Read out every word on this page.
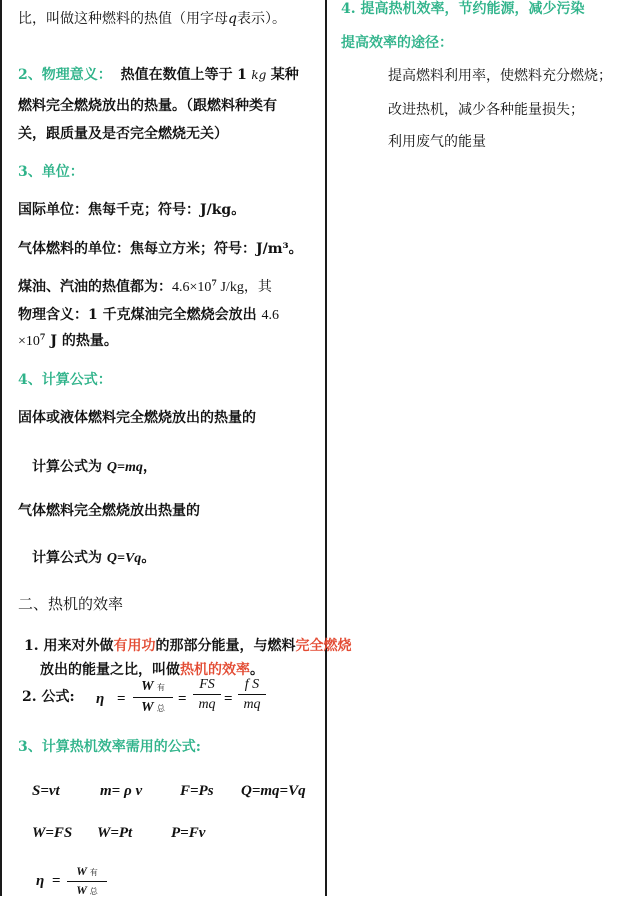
比，叫做这种燃料的热值（用字母q表示）。
2、物理意义： 热值在数值上等于 1 kg 某种
燃料完全燃烧放出的热量。（跟燃料种类有
关，跟质量及是否完全燃烧无关）
3、单位：
国际单位：焦每千克；符号：J/kg。
气体燃料的单位：焦每立方米；符号：J/m³。
煤油、汽油的热值都为：$4.6\times 10^7$ J/kg，其
物理含义：1 千克煤油完全燃烧会放出 4.6
$\times 10^7$ J 的热量。
4、计算公式：
固体或液体燃料完全燃烧放出的热量的
计算公式为 Q=mq，
气体燃料完全燃烧放出热量的
计算公式为 Q=Vq。
二、热机的效率
1. 用来对外做有用功的那部分能量，与燃料完全燃烧
放出的能量之比，叫做热机的效率。
2. 公式: η =
W 有
W 总
=
FS
mq =
f S
mq
3、计算热机效率需用的公式:
S=vt	m= ρ v	F=Ps Q=mq=Vq
W=FS W=Pt	P=Fv
η =
W 有
W 总
4. 提高热机效率，节约能源，减少污染
提高效率的途径：
提高燃料利用率，使燃料充分燃烧；
改进热机，减少各种能量损失；
利用废气的能量
